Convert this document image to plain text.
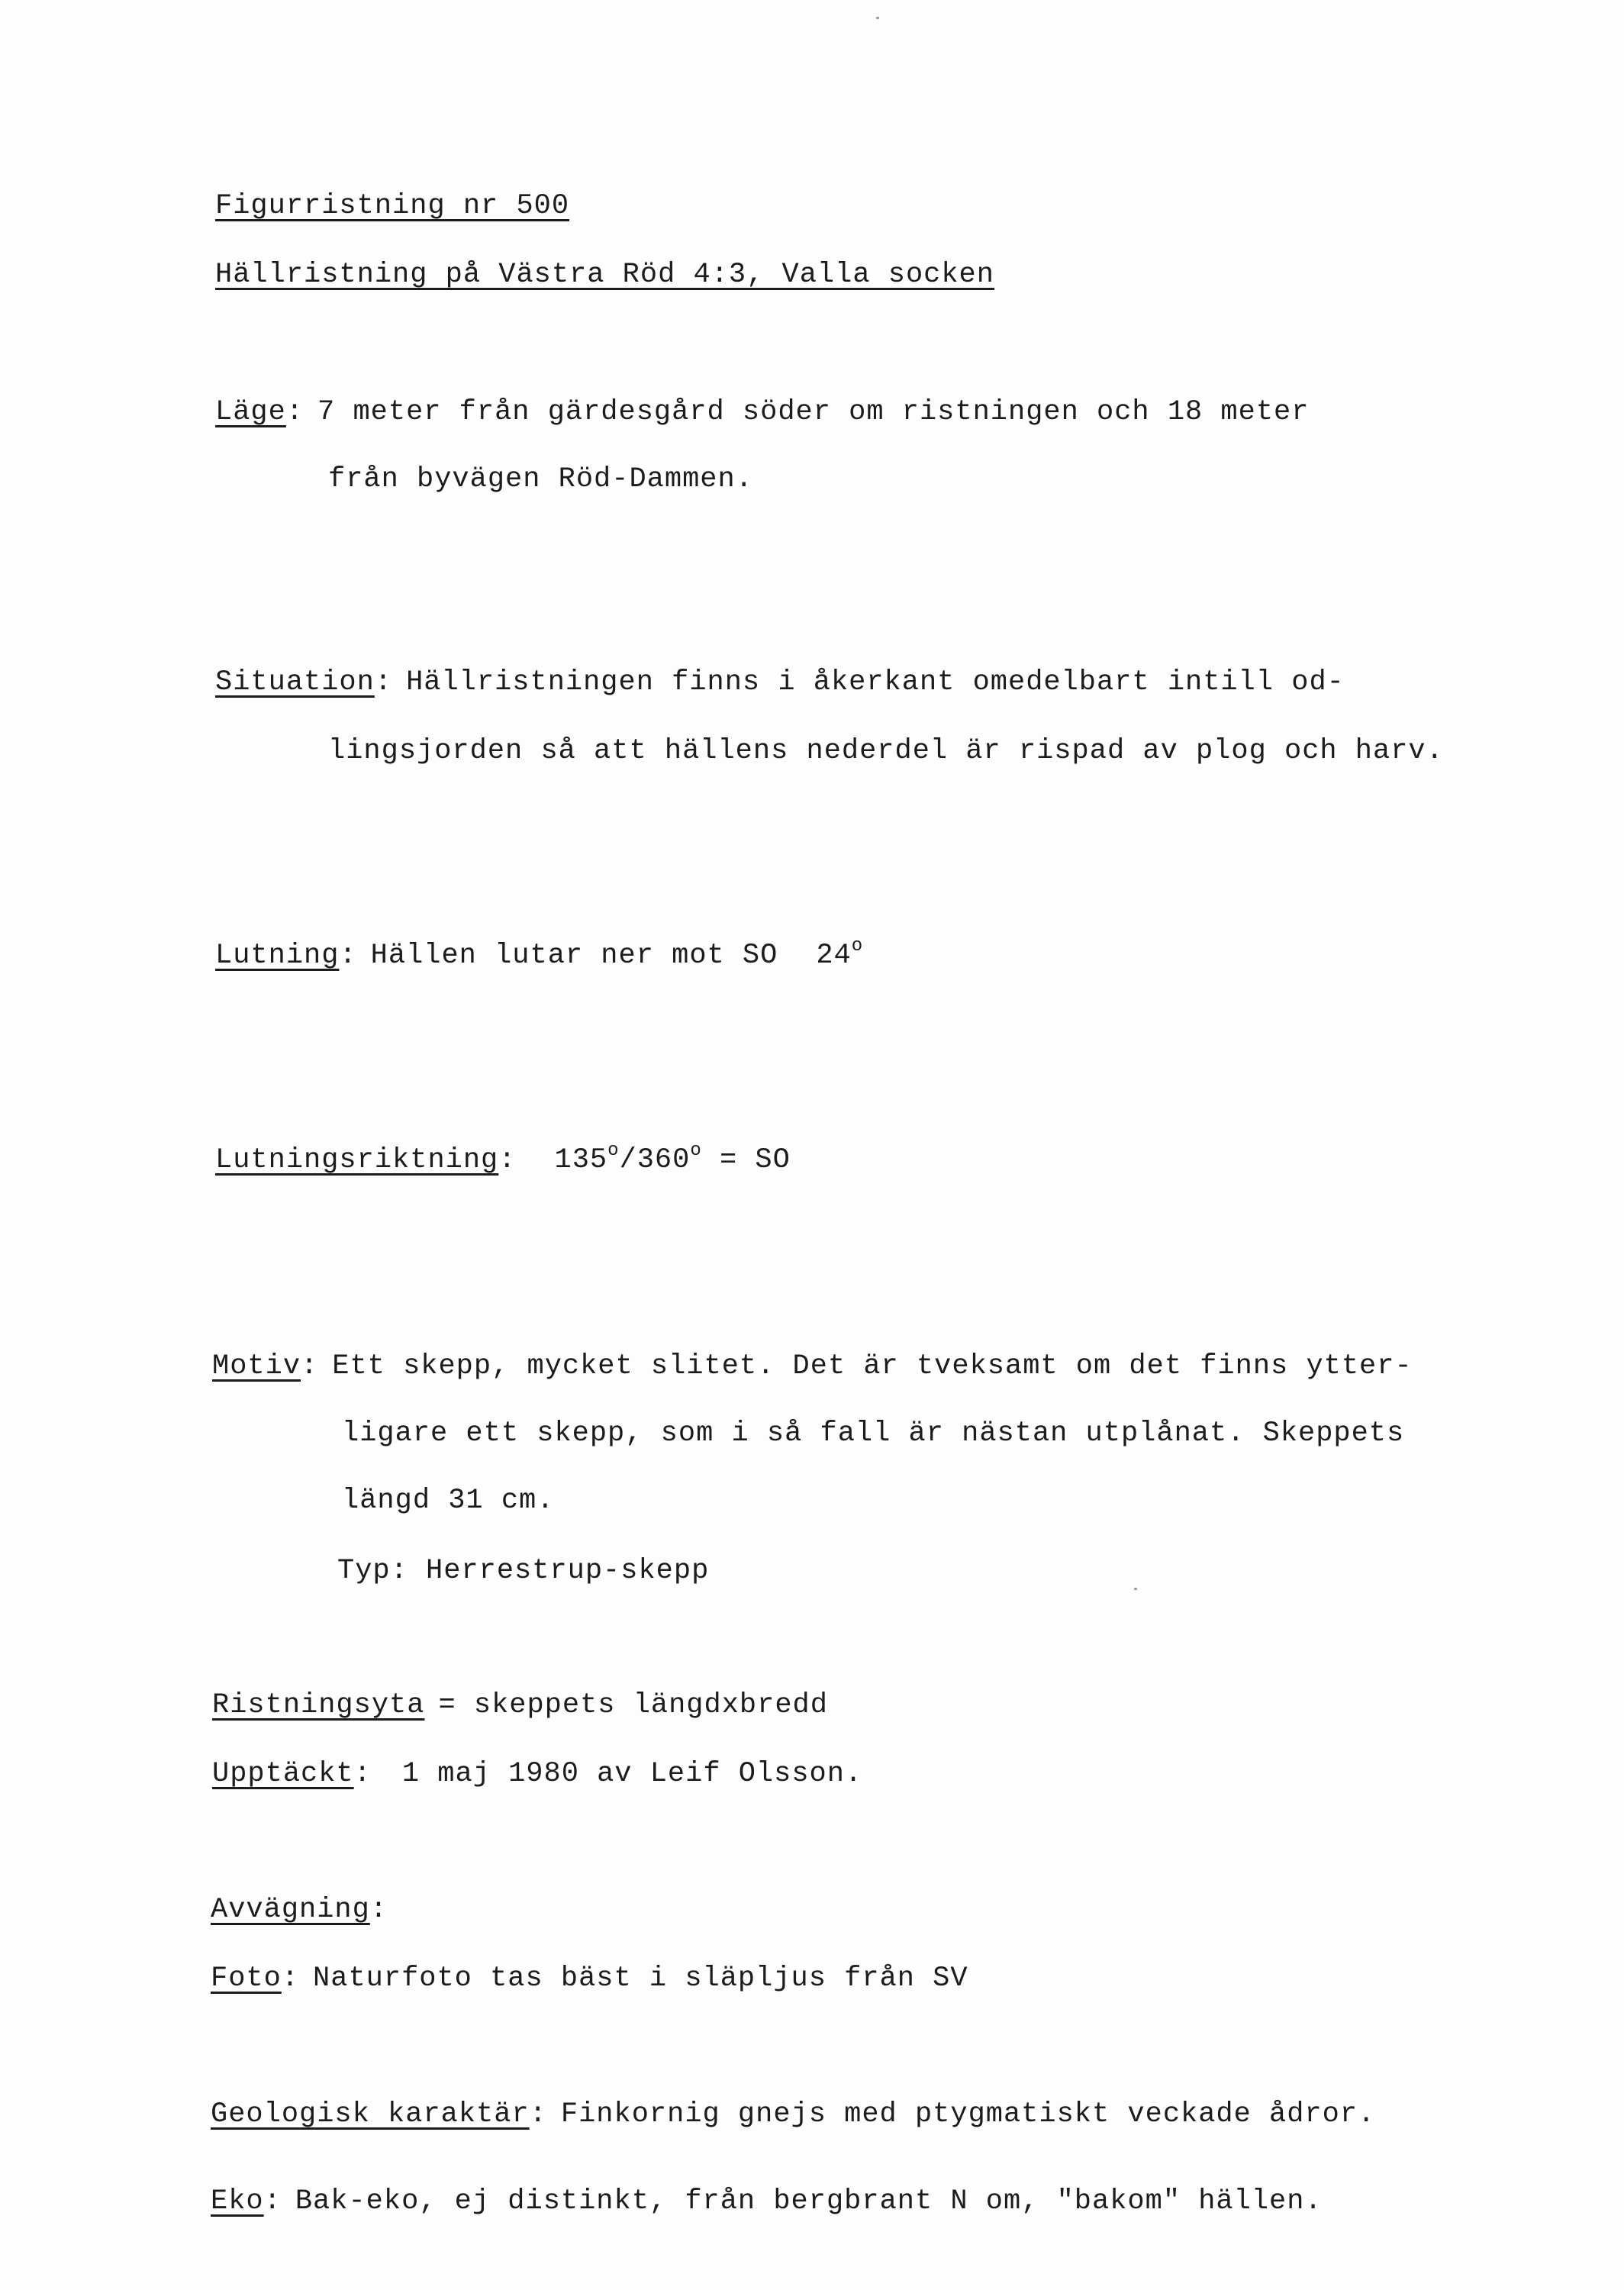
Figurristning nr 500
Hällristning på Västra Röd 4:3, Valla socken
Läge: 7 meter från gärdesgård söder om ristningen och 18 meter
från byvägen Röd-Dammen.
Situation: Hällristningen finns i åkerkant omedelbart intill od-
lingsjorden så att hällens nederdel är rispad av plog och harv.
Lutning: Hällen lutar ner mot SO 24$^o$
Lutningsriktning: $135^o/360^o$ = SO
Motiv: Ett skepp, mycket slitet. Det är tveksamt om det finns ytter-
ligare ett skepp, som i så fall är nästan utplånat. Skeppets
längd 31 cm.
Typ: Herrestrup-skepp
Ristningsyta = skeppets längdxbredd
Upptäckt: 1 maj 1980 av Leif Olsson.
Avvägning:
Foto: Naturfoto tas bäst i släpljus från SV
Geologisk karaktär: Finkornig gnejs med ptygmatiskt veckade ådror.
Eko: Bak-eko, ej distinkt, från bergbrant N om, "bakom" hällen.
